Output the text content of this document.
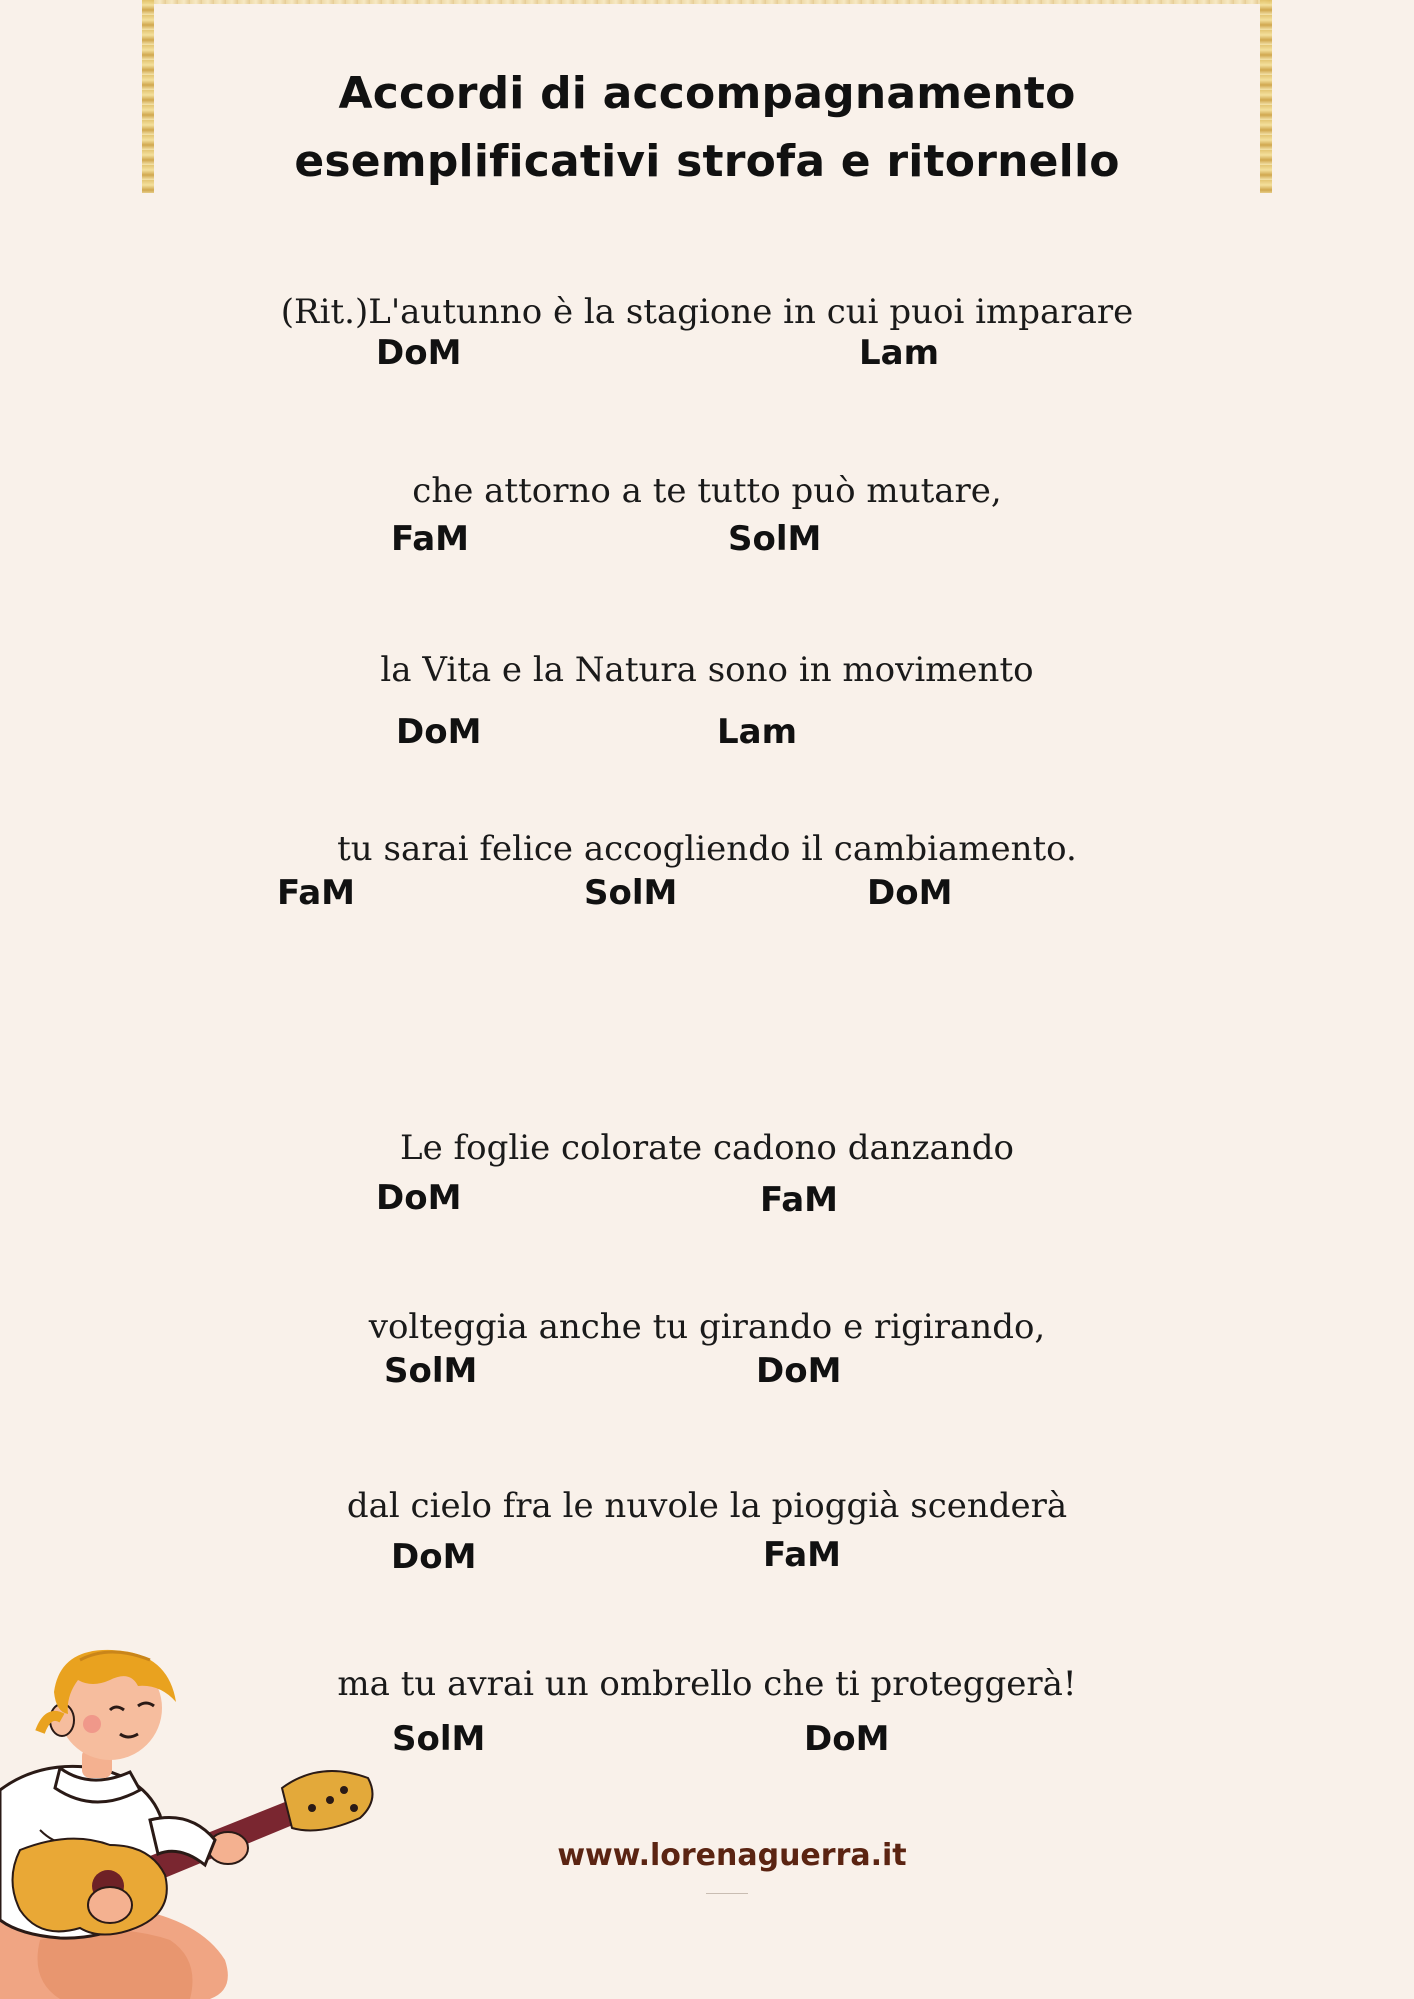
Accordi di accompagnamento
esemplificativi strofa e ritornello
(Rit.)L'autunno è la stagione in cui puoi imparare
DoM	Lam
che attorno a te tutto può mutare,
FaM	SolM
la Vita e la Natura sono in movimento
DoM	Lam
tu sarai felice accogliendo il cambiamento.
FaM	SolM	DoM
Le foglie colorate cadono danzando
DoM	FaM
volteggia anche tu girando e rigirando,
SolM	DoM
dal cielo fra le nuvole la pioggià scenderà
DoM	FaM
ma tu avrai un ombrello che ti proteggerà!
SolM	DoM
www.lorenaguerra.it
